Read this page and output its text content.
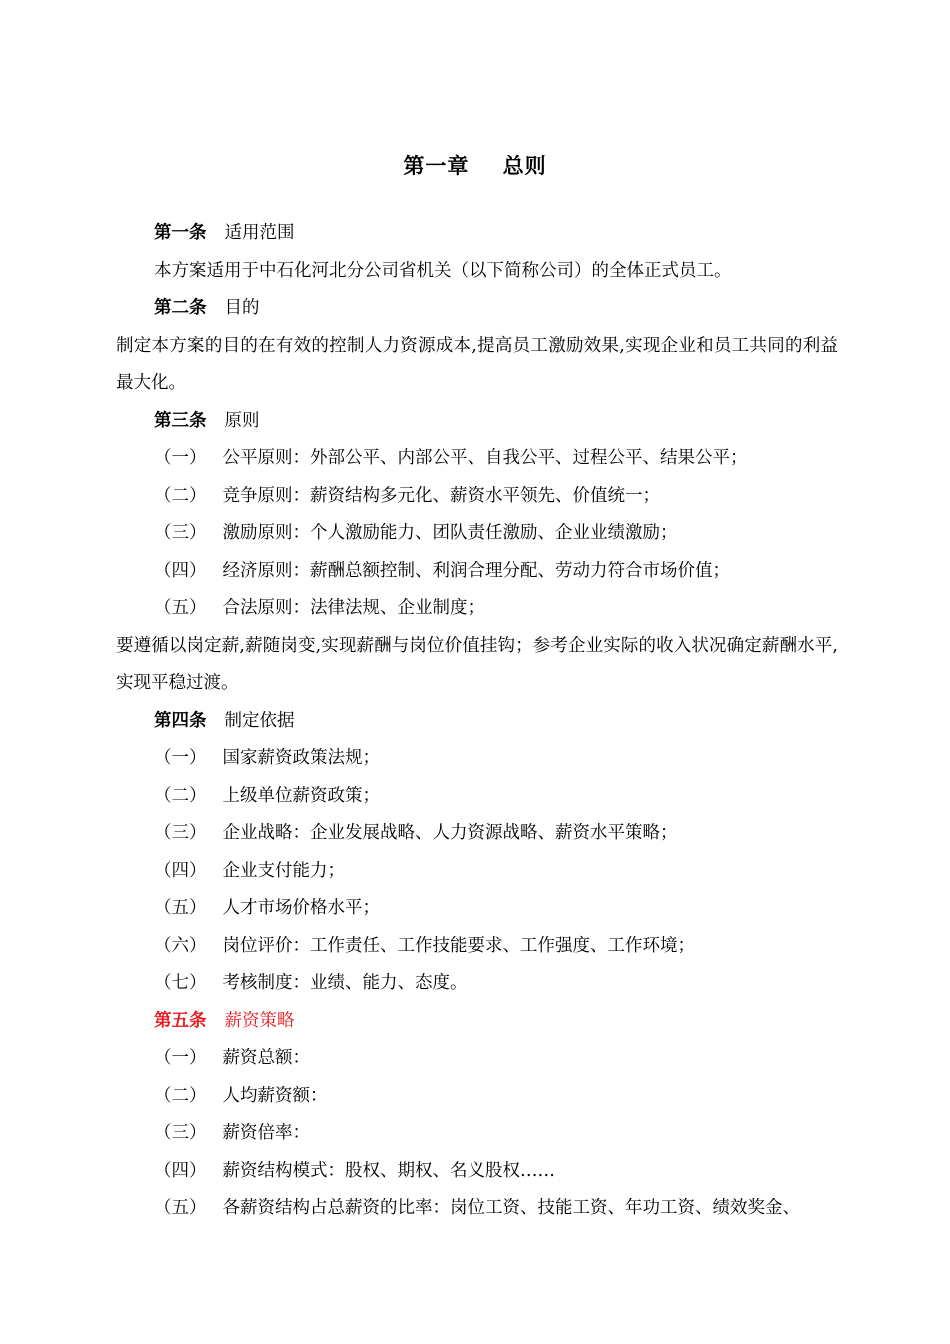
第一章    总则
第一条 适用范围
本方案适用于中石化河北分公司省机关（以下简称公司）的全体正式员工。
第二条 目的
制定本方案的目的在有效的控制人力资源成本,提高员工激励效果,实现企业和员工共同的利益最大化。
第三条 原则
（一） 公平原则：外部公平、内部公平、自我公平、过程公平、结果公平；
（二） 竞争原则：薪资结构多元化、薪资水平领先、价值统一；
（三） 激励原则：个人激励能力、团队责任激励、企业业绩激励；
（四） 经济原则：薪酬总额控制、利润合理分配、劳动力符合市场价值；
（五） 合法原则：法律法规、企业制度；
要遵循以岗定薪,薪随岗变,实现薪酬与岗位价值挂钩；参考企业实际的收入状况确定薪酬水平,实现平稳过渡。
第四条 制定依据
（一） 国家薪资政策法规；
（二） 上级单位薪资政策；
（三） 企业战略：企业发展战略、人力资源战略、薪资水平策略；
（四） 企业支付能力；
（五） 人才市场价格水平；
（六） 岗位评价：工作责任、工作技能要求、工作强度、工作环境；
（七） 考核制度：业绩、能力、态度。
第五条 薪资策略
（一） 薪资总额：
（二） 人均薪资额：
（三） 薪资倍率：
（四） 薪资结构模式：股权、期权、名义股权……
（五） 各薪资结构占总薪资的比率：岗位工资、技能工资、年功工资、绩效奖金、
